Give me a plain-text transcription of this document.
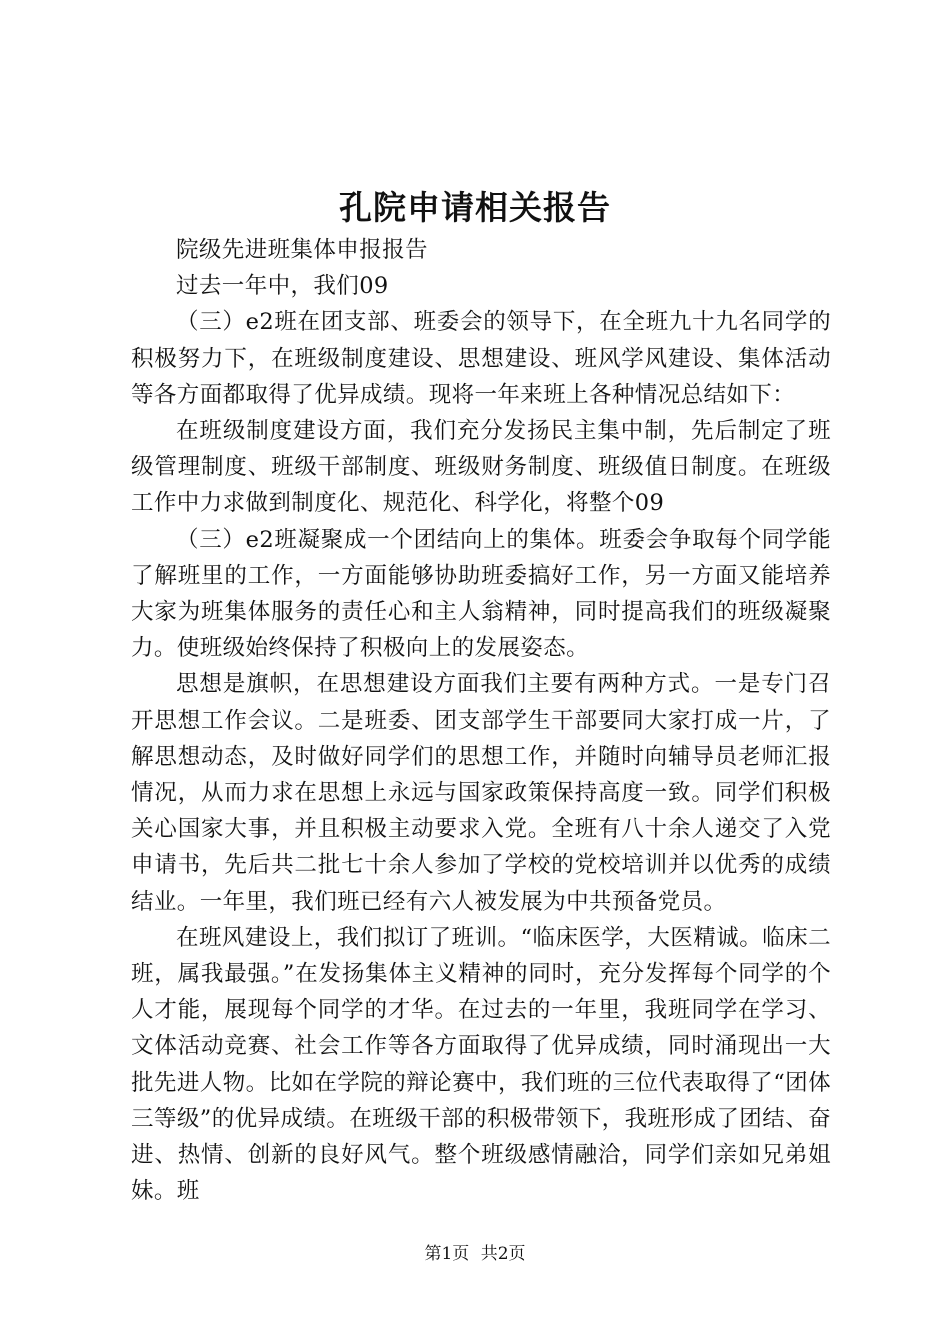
孔院申请相关报告

院级先进班集体申报报告

过去一年中，我们09

（三）e2班在团支部、班委会的领导下，在全班九十九名同学的积极努力下，在班级制度建设、思想建设、班风学风建设、集体活动等各方面都取得了优异成绩。现将一年来班上各种情况总结如下：

在班级制度建设方面，我们充分发扬民主集中制，先后制定了班级管理制度、班级干部制度、班级财务制度、班级值日制度。在班级工作中力求做到制度化、规范化、科学化，将整个09

（三）e2班凝聚成一个团结向上的集体。班委会争取每个同学能了解班里的工作，一方面能够协助班委搞好工作，另一方面又能培养大家为班集体服务的责任心和主人翁精神，同时提高我们的班级凝聚力。使班级始终保持了积极向上的发展姿态。

思想是旗帜，在思想建设方面我们主要有两种方式。一是专门召开思想工作会议。二是班委、团支部学生干部要同大家打成一片，了解思想动态，及时做好同学们的思想工作，并随时向辅导员老师汇报情况，从而力求在思想上永远与国家政策保持高度一致。同学们积极关心国家大事，并且积极主动要求入党。全班有八十余人递交了入党申请书，先后共二批七十余人参加了学校的党校培训并以优秀的成绩结业。一年里，我们班已经有六人被发展为中共预备党员。

在班风建设上，我们拟订了班训。“临床医学，大医精诚。临床二班，属我最强。”在发扬集体主义精神的同时，充分发挥每个同学的个人才能，展现每个同学的才华。在过去的一年里，我班同学在学习、文体活动竞赛、社会工作等各方面取得了优异成绩，同时涌现出一大批先进人物。比如在学院的辩论赛中，我们班的三位代表取得了“团体三等级”的优异成绩。在班级干部的积极带领下，我班形成了团结、奋进、热情、创新的良好风气。整个班级感情融洽，同学们亲如兄弟姐妹。班

第1页 共2页
